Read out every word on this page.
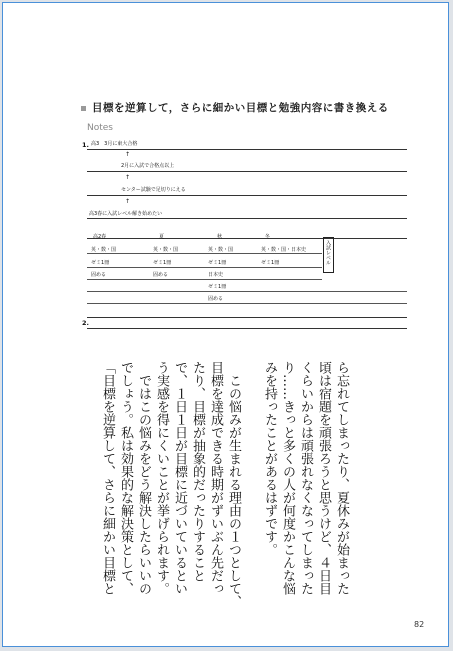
目標を逆算して，さらに細かい目標と勉強内容に書き換える
Notes
1. 高3　3月に東大合格
↑
2月に入試で合格点以上
↑
センター試験で足切りにえる
↑
高3春に入試レベル解き始めたい
高2春
英・数・国
ゼミ1冊
固める
夏
英・数・国
ゼミ1冊
固める
秋
英・数・国
ゼミ1冊
日本史
ゼミ1冊
固める
冬
英・数・国・日本史
ゼミ1冊	入試レベル
2.
ら忘れてしまったり、夏休みが始まった
頃は宿題を頑張ろうと思うけど、４日目
くらいからは頑張れなくなってしまった
り……きっと多くの人が何度かこんな悩
みを持ったことがあるはずです。

　この悩みが生まれる理由の１つとして、
目標を達成できる時期がずいぶん先だっ
たり、目標が抽象的だったりすること
で、１日１日が目標に近づいているとい
う実感を得にくいことが挙げられます。
　ではこの悩みをどう解決したらいいの
でしょう。私は効果的な解決策として、
「目標を逆算して、さらに細かい目標と
82
